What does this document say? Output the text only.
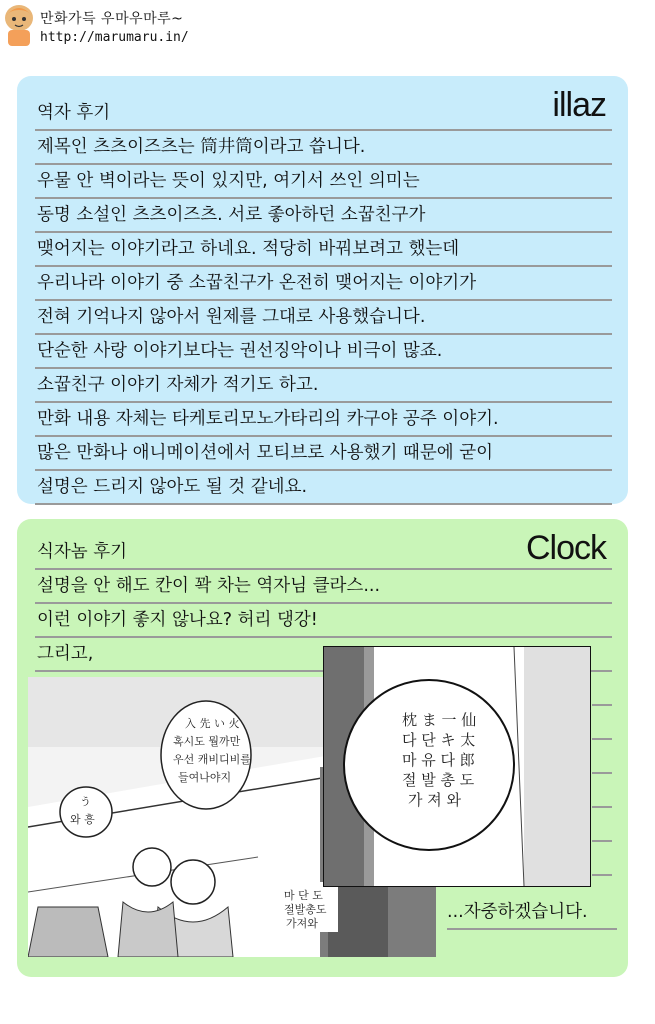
만화가득 우마우마루~
http://marumaru.in/
illaz
역자 후기
제목인 츠츠이즈츠는 筒井筒이라고 씁니다.
우물 안 벽이라는 뜻이 있지만, 여기서 쓰인 의미는
동명 소설인 츠츠이즈츠. 서로 좋아하던 소꿉친구가
맺어지는 이야기라고 하네요. 적당히 바꿔보려고 했는데
우리나라 이야기 중 소꿉친구가 온전히 맺어지는 이야기가
전혀 기억나지 않아서 원제를 그대로 사용했습니다.
단순한 사랑 이야기보다는 권선징악이나 비극이 많죠.
소꿉친구 이야기 자체가 적기도 하고.
만화 내용 자체는 타케토리모노가타리의 카구야 공주 이야기.
많은 만화나 애니메이션에서 모티브로 사용했기 때문에 굳이
설명은 드리지 않아도 될 것 같네요.
Clock
식자놈 후기
설명을 안 해도 칸이 꽉 차는 역자님 클라스...
이런 이야기 좋지 않나요? 허리 댕강!
그리고,
入 先 い 火
혹시도 뭘까만
우선 캐비디비를
들여나야지
う
와 흥
마 단 도
절발총도
가져와
枕 ま 一 仙
다 단 キ 太
마 유 다 郎
절 발 총 도
가 져 와
...자중하겠습니다.
